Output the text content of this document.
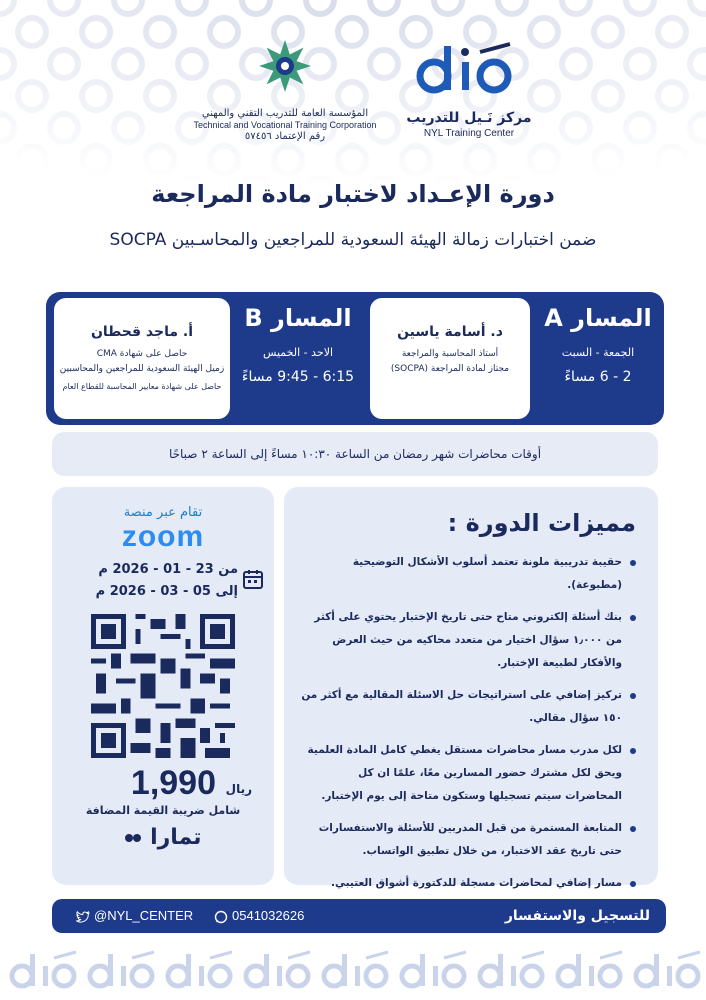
مركز نَـيل للتدريب
NYL Training Center
المؤسسة العامة للتدريب التقني والمهني
Technical and Vocational Training Corporation
رقم الإعتماد ٥٧٤٥٦
دورة الإعـداد لاختبار مادة المراجعة
ضمن اختبارات زمالة الهيئة السعودية للمراجعين والمحاسـبين SOCPA
المسار A
الجمعة - السبت
2 - 6 مساءً
د. أسامة ياسين
أستاذ المحاسبة والمراجعة
مجتاز لمادة المراجعة (SOCPA)
المسار B
الاحد - الخميس
6:15 - 9:45 مساءً
أ. ماجد قحطان
حاصل على شهادة CMA
زميل الهيئة السعودية للمراجعين والمحاسبين
حاصل على شهادة معايير المحاسبة للقطاع العام
أوقات محاضرات شهر رمضان من الساعة ١٠:٣٠ مساءً إلى الساعة ٢ صباحًا
تقام عبر منصة
zoom
من 23 - 01 - 2026 م
إلى 05 - 03 - 2026 م
1,990 ريال
شامل ضريبة القيمة المضافة
تمارا
مميزات الدورة :
حقيبة تدريبية ملونة تعتمد أسلوب الأشكال التوضيحية (مطبوعة).
بنك أسئلة إلكتروني متاح حتى تاريخ الإختبار يحتوي على أكثر من ١٫٠٠٠ سؤال اختيار من متعدد محاكيه من حيث العرض والأفكار لطبيعة الإختبار.
تركيز إضافي على استراتيجات حل الاسئلة المقالية مع أكثر من ١٥٠ سؤال مقالي.
لكل مدرب مسار محاضرات مستقل يغطي كامل المادة العلمية ويحق لكل مشترك حضور المسارين معًا، علمًا ان كل المحاضرات سيتم تسجيلها وستكون متاحة إلى يوم الإختبار.
المتابعة المستمرة من قبل المدربين للأسئلة والاستفسارات حتى تاريخ عقد الاختبار، من خلال تطبيق الواتساب.
مسار إضافي لمحاضرات مسجلة للدكتورة أشواق العتيبي.
للتسجيل والاستفسار
0541032626
@NYL_CENTER
